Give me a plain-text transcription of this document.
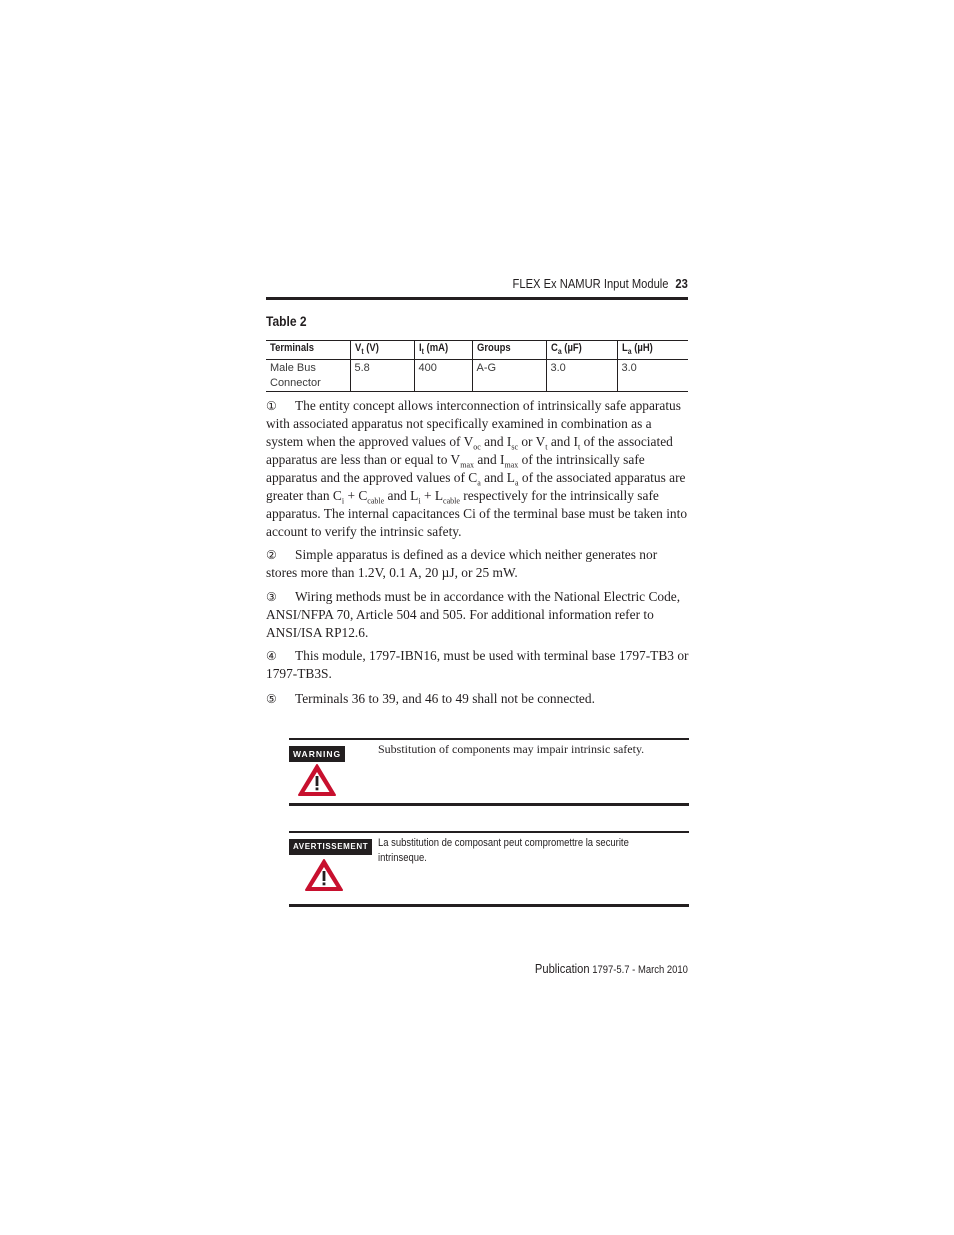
FLEX Ex NAMUR Input Module 23
Table 2
Terminals	$V_t$ (V)	$I_t$ (mA)	Groups	$C_a$ (µF)	$L_a$ (µH)

Male Bus Connector	5.8	400	A-G	3.0	3.0
① The entity concept allows interconnection of intrinsically safe apparatus with associated apparatus not specifically examined in combination as a system when the approved values of $V_{oc}$ and $I_{sc}$ or $V_t$ and $I_t$ of the associated apparatus are less than or equal to $V_{max}$ and $I_{max}$ of the intrinsically safe apparatus and the approved values of $C_a$ and $L_a$ of the associated apparatus are greater than $C_i + C_{cable}$ and $L_i + L_{cable}$ respectively for the intrinsically safe apparatus. The internal capacitances Ci of the terminal base must be taken into account to verify the intrinsic safety.
② Simple apparatus is defined as a device which neither generates nor stores more than 1.2V, 0.1 A, 20 µJ, or 25 mW.
③ Wiring methods must be in accordance with the National Electric Code, ANSI/NFPA 70, Article 504 and 505. For additional information refer to ANSI/ISA RP12.6.
④ This module, 1797-IBN16, must be used with terminal base 1797-TB3 or 1797-TB3S.
⑤ Terminals 36 to 39, and 46 to 49 shall not be connected.
WARNING	Substitution of components may impair intrinsic safety.
AVERTISSEMENT La substitution de composant peut compromettre la securite intrinseque.
Publication 1797-5.7 - March 2010
